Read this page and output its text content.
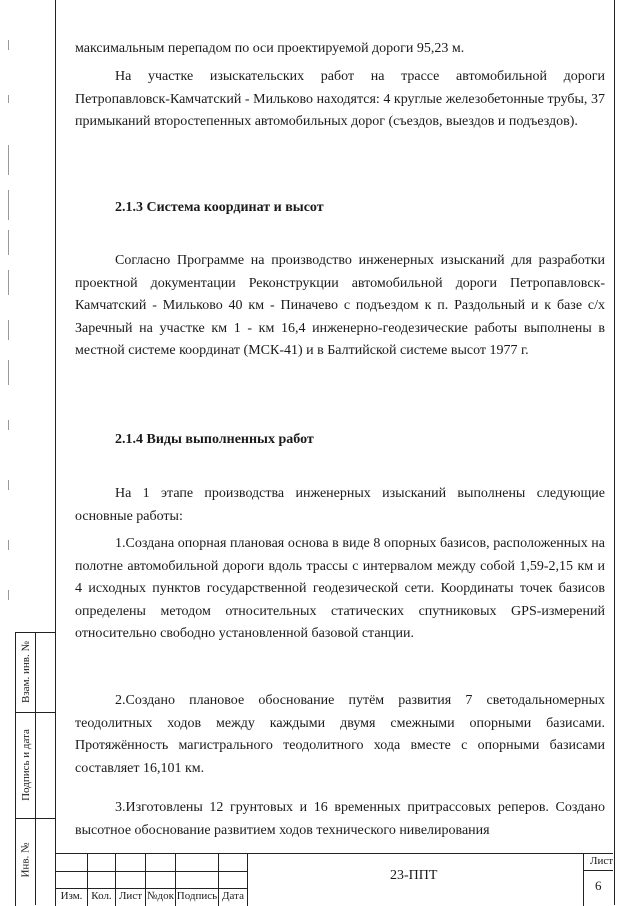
Взам. инв. №
Подпись и дата
Инв. №

максимальным перепадом по оси проектируемой дороги 95,23 м.

На участке изыскательских работ на трассе автомобильной дороги Петропавловск-Камчатский - Мильково находятся: 4 круглые железобетонные трубы, 37 примыканий второстепенных автомобильных дорог (съездов, выездов и подъездов).

2.1.3 Система координат и высот

Согласно Программе на производство инженерных изысканий для разработки проектной документации Реконструкции автомобильной дороги Петропавловск-Камчатский - Мильково 40 км - Пиначево с подъездом к п. Раздольный и к базе с/х Заречный на участке км 1 - км 16,4 инженерно-геодезические работы выполнены в местной системе координат (МСК-41) и в Балтийской системе высот 1977 г.

2.1.4 Виды выполненных работ

На 1 этапе производства инженерных изысканий выполнены следующие основные работы:

1.Создана опорная плановая основа в виде 8 опорных базисов, расположенных на полотне автомобильной дороги вдоль трассы с интервалом между собой 1,59-2,15 км и 4 исходных пунктов государственной геодезической сети. Координаты точек базисов определены методом относительных статических спутниковых GPS-измерений относительно свободно установленной базовой станции.

2.Создано плановое обоснование путём развития 7 светодальномерных теодолитных ходов между каждыми двумя смежными опорными базисами. Протяжённость магистрального теодолитного хода вместе с опорными базисами составляет 16,101 км.

3.Изготовлены 12 грунтовых и 16 временных притрассовых реперов. Создано высотное обоснование развитием ходов технического нивелирования

Изм. Кол. Лист №док Подпись Дата
23-ППТ
Лист
6
